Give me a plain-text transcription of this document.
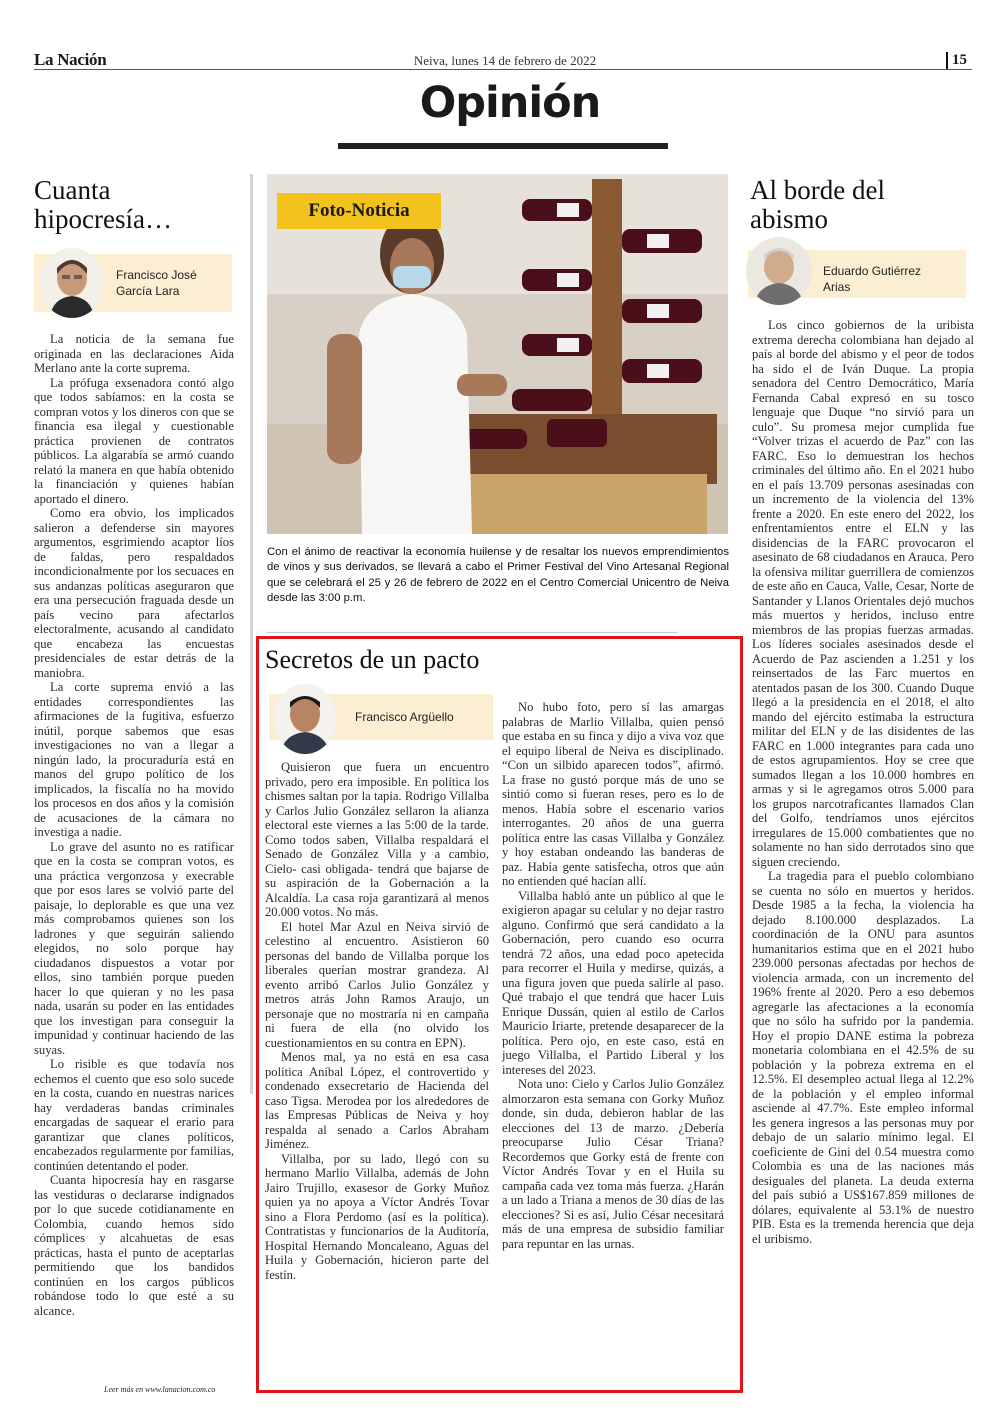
La Nación	Neiva, lunes 14 de febrero de 2022	15
Opinión
Cuanta
hipocresía…
Francisco José
García Lara

La noticia de la semana fue originada en las declaraciones Aida Merlano ante la corte suprema.

La prófuga exsenadora contó algo que todos sabíamos: en la costa se compran votos y los dineros con que se financia esa ilegal y cuestionable práctica provienen de contratos públicos. La algarabía se armó cuando relató la manera en que había obtenido la financiación y quienes habían aportado el dinero.

Como era obvio, los implicados salieron a defenderse sin mayores argumentos, esgrimiendo acaptor líos de faldas, pero respaldados incondicionalmente por los secuaces en sus andanzas políticas aseguraron que era una persecución fraguada desde un país vecino para afectarlos electoralmente, acusando al candidato que encabeza las encuestas presidenciales de estar detrás de la maniobra.

La corte suprema envió a las entidades correspondientes las afirmaciones de la fugitiva, esfuerzo inútil, porque sabemos que esas investigaciones no van a llegar a ningún lado, la procuraduría está en manos del grupo político de los implicados, la fiscalía no ha movido los procesos en dos años y la comisión de acusaciones de la cámara no investiga a nadie.

Lo grave del asunto no es ratificar que en la costa se compran votos, es una práctica vergonzosa y execrable que por esos lares se volvió parte del paisaje, lo deplorable es que una vez más comprobamos quienes son los ladrones y que seguirán saliendo elegidos, no solo porque hay ciudadanos dispuestos a votar por ellos, sino también porque pueden hacer lo que quieran y no les pasa nada, usarán su poder en las entidades que los investigan para conseguir la impunidad y continuar haciendo de las suyas.

Lo risible es que todavía nos echemos el cuento que eso solo sucede en la costa, cuando en nuestras narices hay verdaderas bandas criminales encargadas de saquear el erario para garantizar que clanes políticos, encabezados regularmente por familias, continúen detentando el poder.

Cuanta hipocresía hay en rasgarse las vestiduras o declararse indignados por lo que sucede cotidianamente en Colombia, cuando hemos sido cómplices y alcahuetas de esas prácticas, hasta el punto de aceptarlas permitiendo que los bandidos continúen en los cargos públicos robándose todo lo que esté a su alcance.

Leer más en www.lanacion.com.co
Foto-Noticia
Con el ánimo de reactivar la economía huilense y de resaltar los nuevos emprendimientos de vinos y sus derivados, se llevará a cabo el Primer Festival del Vino Artesanal Regional que se celebrará el 25 y 26 de febrero de 2022 en el Centro Comercial Unicentro de Neiva desde las 3:00 p.m.
Secretos de un pacto
Francisco Argüello

Quisieron que fuera un encuentro privado, pero era imposible. En política los chismes saltan por la tapia. Rodrigo Villalba y Carlos Julio González sellaron la alianza electoral este viernes a las 5:00 de la tarde. Como todos saben, Villalba respaldará el Senado de González Villa y a cambio, Cielo- casi obligada- tendrá que bajarse de su aspiración de la Gobernación a la Alcaldía. La casa roja garantizará al menos 20.000 votos. No más.

El hotel Mar Azul en Neiva sirvió de celestino al encuentro. Asistieron 60 personas del bando de Villalba porque los liberales querían mostrar grandeza. Al evento arribó Carlos Julio González y metros atrás John Ramos Araujo, un personaje que no mostraría ni en campaña ni fuera de ella (no olvido los cuestionamientos en su contra en EPN).

Menos mal, ya no está en esa casa política Aníbal López, el controvertido y condenado exsecretario de Hacienda del caso Tigsa. Merodea por los alrededores de las Empresas Públicas de Neiva y hoy respalda al senado a Carlos Abraham Jiménez.

Villalba, por su lado, llegó con su hermano Marlio Villalba, además de John Jairo Trujillo, exasesor de Gorky Muñoz quien ya no apoya a Víctor Andrés Tovar sino a Flora Perdomo (así es la política). Contratistas y funcionarios de la Auditoría, Hospital Hernando Moncaleano, Aguas del Huila y Gobernación, hicieron parte del festín.

No hubo foto, pero sí las amargas palabras de Marlio Villalba, quien pensó que estaba en su finca y dijo a viva voz que el equipo liberal de Neiva es disciplinado. “Con un silbido aparecen todos”, afirmó. La frase no gustó porque más de uno se sintió como si fueran reses, pero es lo de menos. Había sobre el escenario varios interrogantes. 20 años de una guerra política entre las casas Villalba y González y hoy estaban ondeando las banderas de paz. Había gente satisfecha, otros que aún no entienden qué hacían allí.

Villalba habló ante un público al que le exigieron apagar su celular y no dejar rastro alguno. Confirmó que será candidato a la Gobernación, pero cuando eso ocurra tendrá 72 años, una edad poco apetecida para recorrer el Huila y medirse, quizás, a una figura joven que pueda salirle al paso. Qué trabajo el que tendrá que hacer Luis Enrique Dussán, quien al estilo de Carlos Mauricio Iriarte, pretende desaparecer de la política. Pero ojo, en este caso, está en juego Villalba, el Partido Liberal y los intereses del 2023.

Nota uno: Cielo y Carlos Julio González almorzaron esta semana con Gorky Muñoz donde, sin duda, debieron hablar de las elecciones del 13 de marzo. ¿Debería preocuparse Julio César Triana? Recordemos que Gorky está de frente con Víctor Andrés Tovar y en el Huila su campaña cada vez toma más fuerza. ¿Harán a un lado a Triana a menos de 30 días de las elecciones? Si es así, Julio César necesitará más de una empresa de subsidio familiar para repuntar en las urnas.

Al borde del
abismo
Eduardo Gutiérrez
Arias

Los cinco gobiernos de la uribista extrema derecha colombiana han dejado al país al borde del abismo y el peor de todos ha sido el de Iván Duque. La propia senadora del Centro Democrático, María Fernanda Cabal expresó en su tosco lenguaje que Duque “no sirvió para un culo”. Su promesa mejor cumplida fue “Volver trizas el acuerdo de Paz” con las FARC. Eso lo demuestran los hechos criminales del último año. En el 2021 hubo en el país 13.709 personas asesinadas con un incremento de la violencia del 13% frente a 2020. En este enero del 2022, los enfrentamientos entre el ELN y las disidencias de la FARC provocaron el asesinato de 68 ciudadanos en Arauca. Pero la ofensiva militar guerrillera de comienzos de este año en Cauca, Valle, Cesar, Norte de Santander y Llanos Orientales dejó muchos más muertos y heridos, incluso entre miembros de las propias fuerzas armadas. Los líderes sociales asesinados desde el Acuerdo de Paz ascienden a 1.251 y los reinsertados de las Farc muertos en atentados pasan de los 300. Cuando Duque llegó a la presidencia en el 2018, el alto mando del ejército estimaba la estructura militar del ELN y de las disidentes de las FARC en 1.000 integrantes para cada uno de estos agrupamientos. Hoy se cree que sumados llegan a los 10.000 hombres en armas y si le agregamos otros 5.000 para los grupos narcotraficantes llamados Clan del Golfo, tendríamos unos ejércitos irregulares de 15.000 combatientes que no solamente no han sido derrotados sino que siguen creciendo.

La tragedia para el pueblo colombiano se cuenta no sólo en muertos y heridos. Desde 1985 a la fecha, la violencia ha dejado 8.100.000 desplazados. La coordinación de la ONU para asuntos humanitarios estima que en el 2021 hubo 239.000 personas afectadas por hechos de violencia armada, con un incremento del 196% frente al 2020. Pero a eso debemos agregarle las afectaciones a la economía que no sólo ha sufrido por la pandemia. Hoy el propio DANE estima la pobreza monetaria colombiana en el 42.5% de su población y la pobreza extrema en el 12.5%. El desempleo actual llega al 12.2% de la población y el empleo informal asciende al 47.7%. Este empleo informal les genera ingresos a las personas muy por debajo de un salario mínimo legal. El coeficiente de Gini del 0.54 muestra como Colombia es una de las naciones más desiguales del planeta. La deuda externa del país subió a US$167.859 millones de dólares, equivalente al 53.1% de nuestro PIB. Esta es la tremenda herencia que deja el uribismo.
